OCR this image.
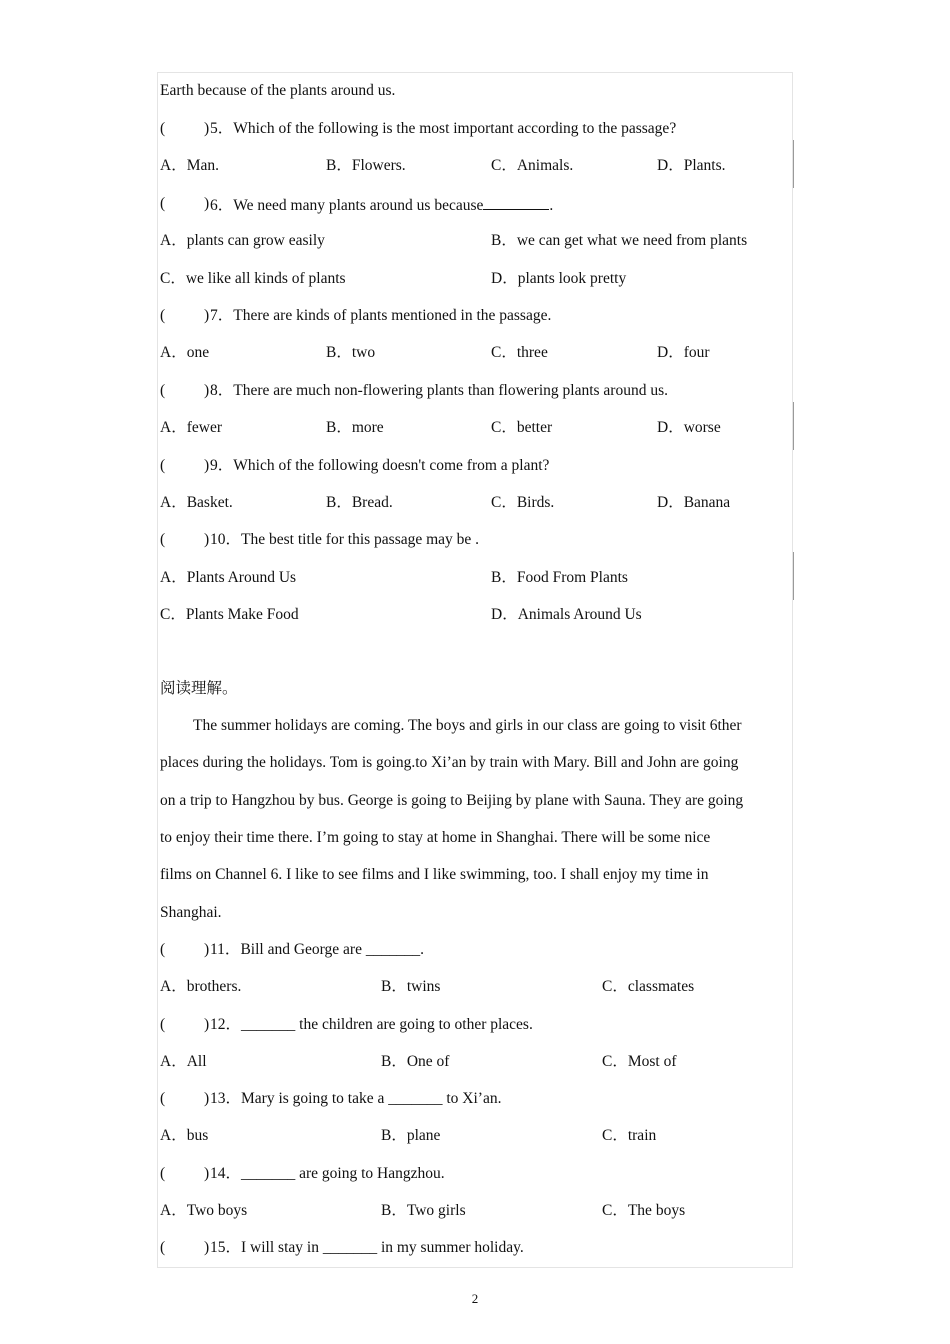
Earth because of the plants around us.
(	) 5．Which of the following is the most important according to the passage?
A．Man.	B．Flowers.	C．Animals.	D．Plants.
(	) 6．We need many plants around us because	.
A．plants can grow easily	B．we can get what we need from plants
C．we like all kinds of plants	D．plants look pretty
(	) 7．There are kinds of plants mentioned in the passage.
A．one	B．two	C．three	D．four
(	) 8．There are much non-flowering plants than flowering plants around us.
A．fewer	B．more	C．better	D．worse
(	) 9．Which of the following doesn't come from a plant?
A．Basket.	B．Bread.	C．Birds.	D．Banana
(	) 10．The best title for this passage may be .
A．Plants Around Us	B．Food From Plants
C．Plants Make Food	D．Animals Around Us
阅读理解。
The summer holidays are coming. The boys and girls in our class are going to visit 6ther
places during the holidays. Tom is going.to Xi’an by train with Mary. Bill and John are going
on a trip to Hangzhou by bus. George is going to Beijing by plane with Sauna. They are going
to enjoy their time there. I’m going to stay at home in Shanghai. There will be some nice
films on Channel 6. I like to see films and I like swimming, too. I shall enjoy my time in
Shanghai.
(	) 11．Bill and George are _______.
A．brothers.	B．twins	C．classmates
(	) 12．_______ the children are going to other places.
A．All	B．One of	C．Most of
(	) 13．Mary is going to take a _______ to Xi’an.
A．bus	B．plane	C．train
(	) 14．_______ are going to Hangzhou.
A．Two boys	B．Two girls	C．The boys
(	) 15．I will stay in _______ in my summer holiday.
2
